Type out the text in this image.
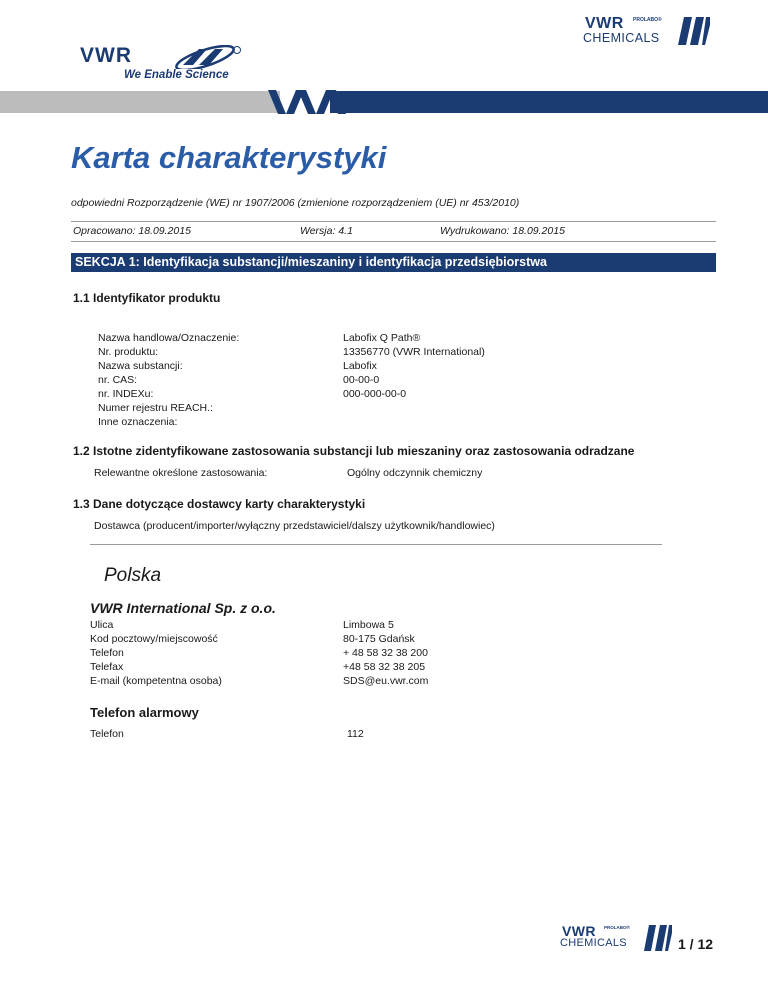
VWR PROLABO®
CHEMICALS
VWR
We Enable Science
Karta charakterystyki
odpowiedni Rozporządzenie (WE) nr 1907/2006 (zmienione rozporządzeniem (UE) nr 453/2010)
Opracowano: 18.09.2015	Wersja: 4.1	Wydrukowano: 18.09.2015
SEKCJA 1: Identyfikacja substancji/mieszaniny i identyfikacja przedsiębiorstwa
1.1 Identyfikator produktu
Nazwa handlowa/Oznaczenie:	Labofix Q Path®
Nr. produktu:	13356770 (VWR International)
Nazwa substancji:	Labofix
nr. CAS:	00-00-0
nr. INDEXu:	000-000-00-0
Numer rejestru REACH.:
Inne oznaczenia:
1.2 Istotne zidentyfikowane zastosowania substancji lub mieszaniny oraz zastosowania odradzane
Relewantne określone zastosowania:	Ogólny odczynnik chemiczny
1.3 Dane dotyczące dostawcy karty charakterystyki
Dostawca (producent/importer/wyłączny przedstawiciel/dalszy użytkownik/handlowiec)
Polska
VWR International Sp. z o.o.
Ulica	Limbowa 5
Kod pocztowy/miejscowość	80-175 Gdańsk
Telefon	+ 48 58 32 38 200
Telefax	+48 58 32 38 205
E-mail (kompetentna osoba)	SDS@eu.vwr.com
Telefon alarmowy
Telefon	112
VWR PROLABO®
CHEMICALS	1 / 12
